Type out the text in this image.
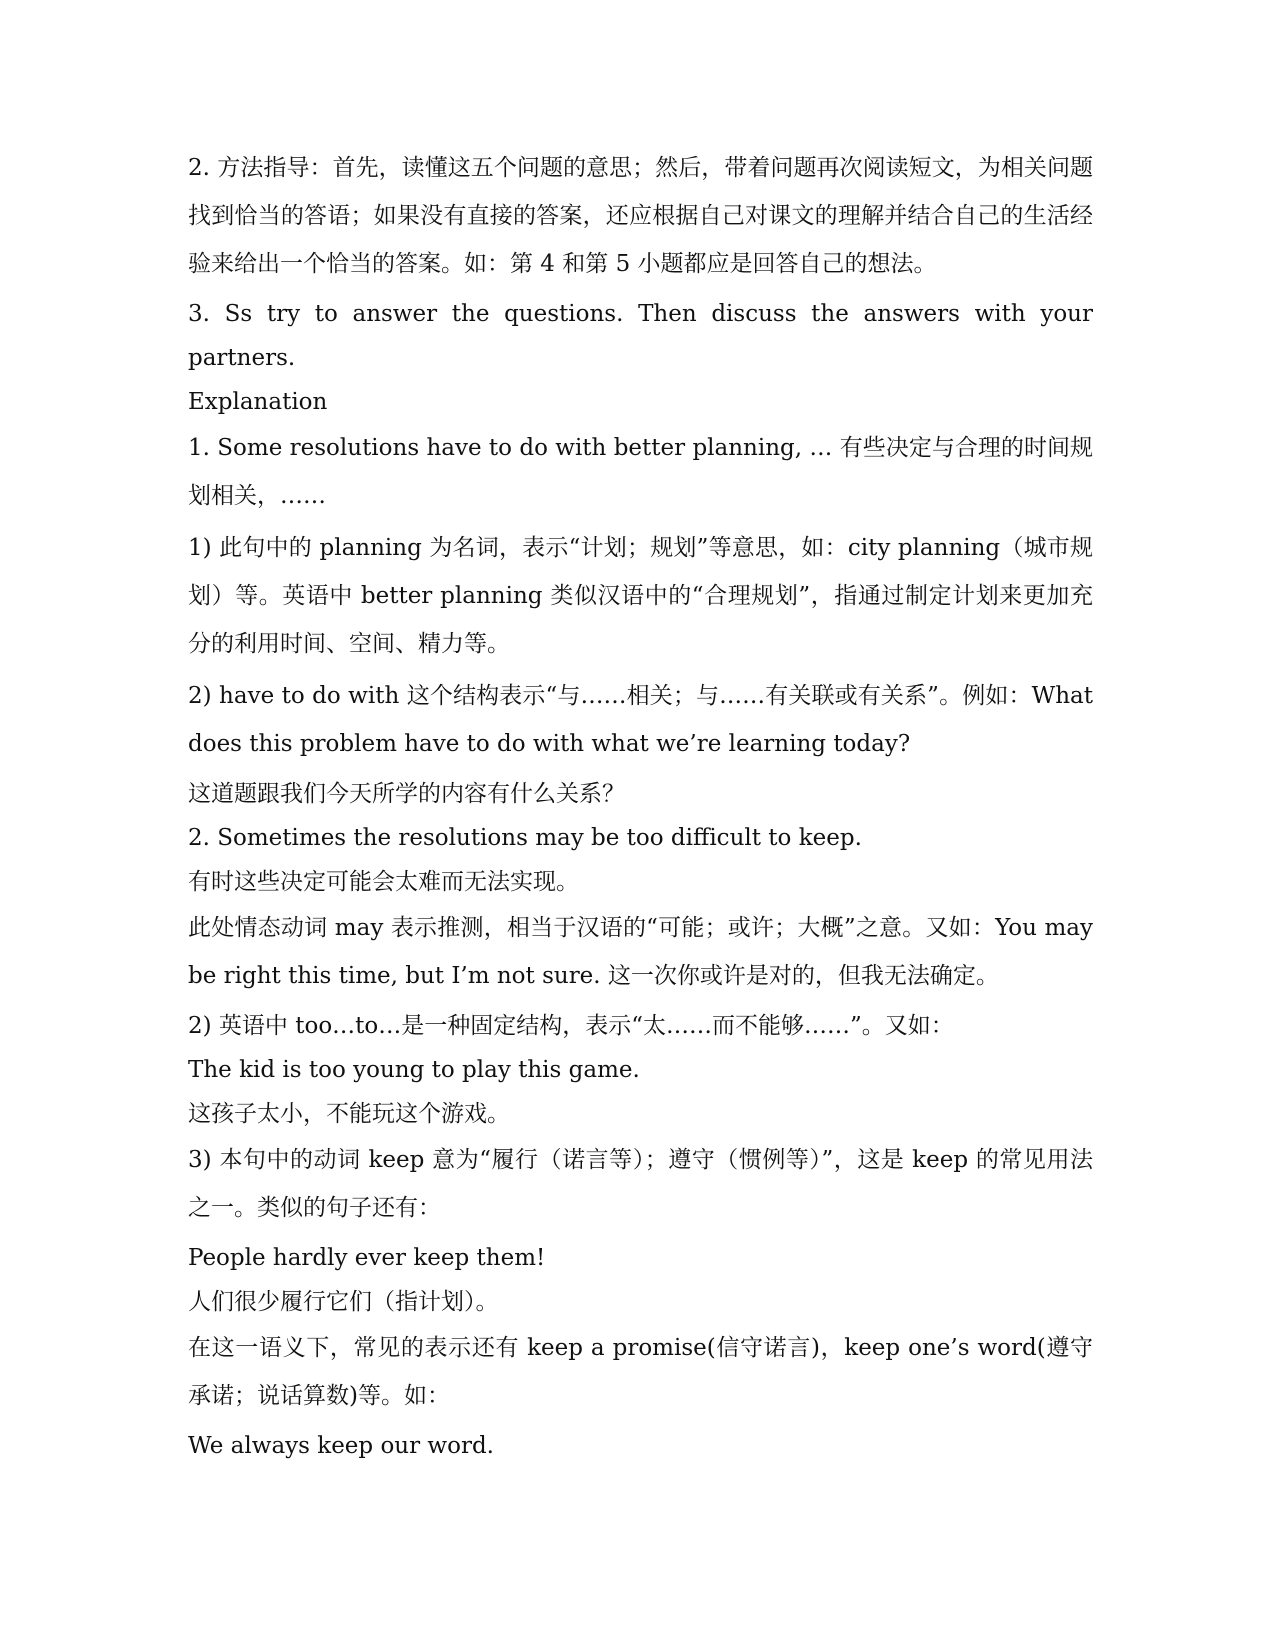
2. 方法指导：首先，读懂这五个问题的意思；然后，带着问题再次阅读短文，为相关问题找到恰当的答语；如果没有直接的答案，还应根据自己对课文的理解并结合自己的生活经验来给出一个恰当的答案。如：第 4 和第 5 小题都应是回答自己的想法。

3. Ss try to answer the questions. Then discuss the answers with your partners.

Explanation

1. Some resolutions have to do with better planning, … 有些决定与合理的时间规划相关，……

1) 此句中的 planning 为名词，表示“计划；规划”等意思，如：city planning（城市规划）等。英语中 better planning 类似汉语中的“合理规划”，指通过制定计划来更加充分的利用时间、空间、精力等。

2) have to do with 这个结构表示“与……相关；与……有关联或有关系”。例如：What does this problem have to do with what we’re learning today?

这道题跟我们今天所学的内容有什么关系？

2. Sometimes the resolutions may be too difficult to keep.

有时这些决定可能会太难而无法实现。

此处情态动词 may 表示推测，相当于汉语的“可能；或许；大概”之意。又如：You may be right this time, but I’m not sure. 这一次你或许是对的，但我无法确定。

2) 英语中 too…to…是一种固定结构，表示“太……而不能够……”。又如：

The kid is too young to play this game.

这孩子太小，不能玩这个游戏。

3) 本句中的动词 keep 意为“履行（诺言等）；遵守（惯例等）”，这是 keep 的常见用法之一。类似的句子还有：

People hardly ever keep them!

人们很少履行它们（指计划）。

在这一语义下，常见的表示还有 keep a promise(信守诺言)，keep one’s word(遵守承诺；说话算数)等。如：

We always keep our word.
